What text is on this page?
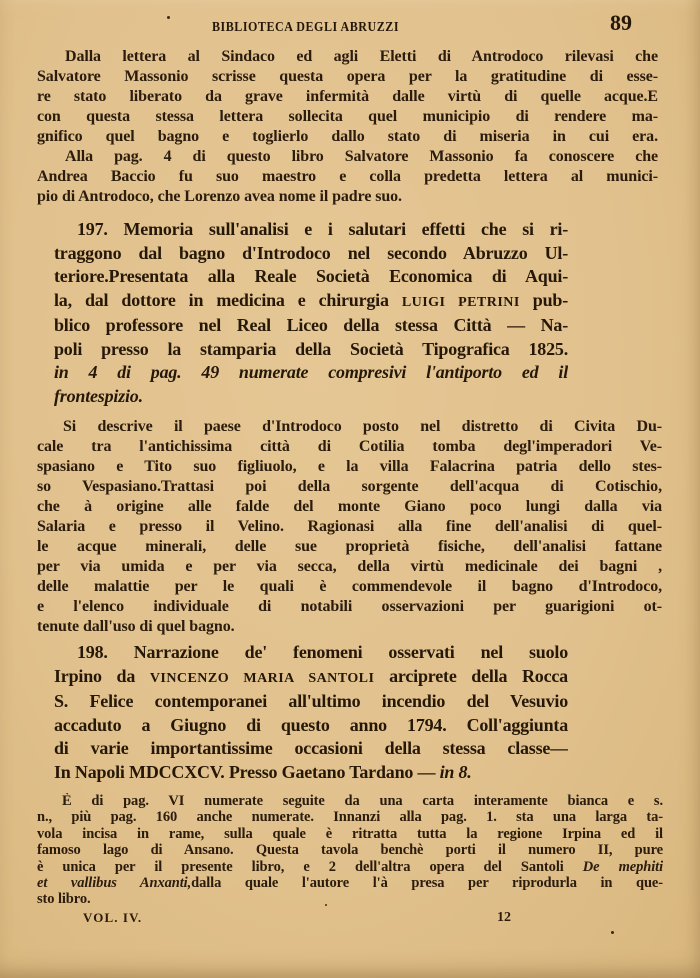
BIBLIOTECA DEGLI ABRUZZI	89
Dalla lettera al Sindaco ed agli Eletti di Antrodoco rilevasi che
Salvatore Massonio scrisse questa opera per la gratitudine di esse-
re stato liberato da grave infermità dalle virtù di quelle acque.E
con questa stessa lettera sollecita quel municipio di rendere ma-
gnifico quel bagno e toglierlo dallo stato di miseria in cui era.
Alla pag. 4 di questo libro Salvatore Massonio fa conoscere che
Andrea Baccio fu suo maestro e colla predetta lettera al munici-
pio di Antrodoco, che Lorenzo avea nome il padre suo.
197. Memoria sull'analisi e i salutari effetti che si ri-
traggono dal bagno d'Introdoco nel secondo Abruzzo Ul-
teriore.Presentata alla Reale Società Economica di Aqui-
la, dal dottore in medicina e chirurgia LUIGI PETRINI pub-
blico professore nel Real Liceo della stessa Città — Na-
poli presso la stamparia della Società Tipografica 1825.
in 4 di pag. 49 numerate compresivi l'antiporto ed il
frontespizio.
Si descrive il paese d'Introdoco posto nel distretto di Civita Du-
cale tra l'antichissima città di Cotilia tomba degl'imperadori Ve-
spasiano e Tito suo figliuolo, e la villa Falacrina patria dello stes-
so Vespasiano.Trattasi poi della sorgente dell'acqua di Cotischio,
che à origine alle falde del monte Giano poco lungi dalla via
Salaria e presso il Velino. Ragionasi alla fine dell'analisi di quel-
le acque minerali, delle sue proprietà fisiche, dell'analisi fattane
per via umida e per via secca, della virtù medicinale dei bagni ,
delle malattie per le quali è commendevole il bagno d'Introdoco,
e l'elenco individuale di notabili osservazioni per guarigioni ot-
tenute dall'uso di quel bagno.
198. Narrazione de' fenomeni osservati nel suolo
Irpino da VINCENZO MARIA SANTOLI arciprete della Rocca
S. Felice contemporanei all'ultimo incendio del Vesuvio
accaduto a Giugno di questo anno 1794. Coll'aggiunta
di varie importantissime occasioni della stessa classe—
In Napoli MDCCXCV. Presso Gaetano Tardano — in 8.
È di pag. VI numerate seguite da una carta interamente bianca e s.
n., più pag. 160 anche numerate. Innanzi alla pag. 1. sta una larga ta-
vola incisa in rame, sulla quale è ritratta tutta la regione Irpina ed il
famoso lago di Ansano. Questa tavola benchè porti il numero II, pure
è unica per il presente libro, e 2 dell'altra opera del Santoli De mephiti
et vallibus Anxanti,dalla quale l'autore l'à presa per riprodurla in que-
sto libro.
VOL. IV.	12
